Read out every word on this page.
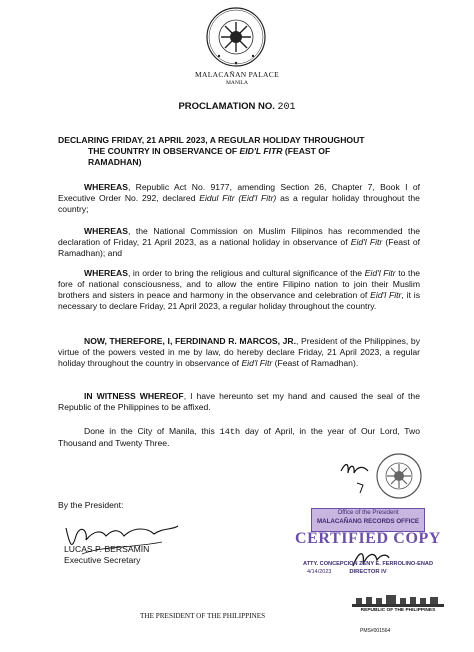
MALACAÑAN PALACE
MANILA
PROCLAMATION NO. 201
DECLARING FRIDAY, 21 APRIL 2023, A REGULAR HOLIDAY THROUGHOUT
THE COUNTRY IN OBSERVANCE OF EID'L FITR (FEAST OF
RAMADHAN)
WHEREAS, Republic Act No. 9177, amending Section 26, Chapter 7, Book I of Executive Order No. 292, declared Eidul Fitr (Eid'l Fitr) as a regular holiday throughout the country;
WHEREAS, the National Commission on Muslim Filipinos has recommended the declaration of Friday, 21 April 2023, as a national holiday in observance of Eid'l Fitr (Feast of Ramadhan); and
WHEREAS, in order to bring the religious and cultural significance of the Eid'l Fitr to the fore of national consciousness, and to allow the entire Filipino nation to join their Muslim brothers and sisters in peace and harmony in the observance and celebration of Eid'l Fitr, it is necessary to declare Friday, 21 April 2023, a regular holiday throughout the country.
NOW, THEREFORE, I, FERDINAND R. MARCOS, JR., President of the Philippines, by virtue of the powers vested in me by law, do hereby declare Friday, 21 April 2023, a regular holiday throughout the country in observance of Eid'l Fitr (Feast of Ramadhan).
IN WITNESS WHEREOF, I have hereunto set my hand and caused the seal of the Republic of the Philippines to be affixed.
Done in the City of Manila, this 14th day of April, in the year of Our Lord, Two Thousand and Twenty Three.
By the President:
LUCAS P. BERSAMIN
Executive Secretary
Office of the President
MALACAÑANG RECORDS OFFICE
CERTIFIED COPY
ATTY. CONCEPCION ZENY E. FERROLINO-ENAD
DIRECTOR IV
4/14/2023
THE PRESIDENT OF THE PHILIPPINES
REPUBLIC OF THE PHILIPPINES
PMS#001564
